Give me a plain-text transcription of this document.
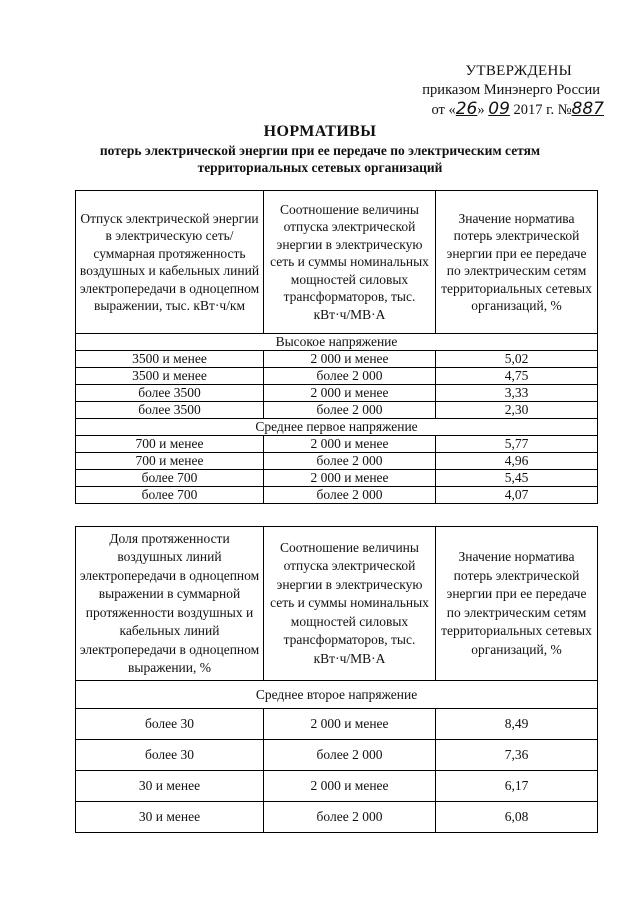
УТВЕРЖДЕНЫ
приказом Минэнерго России
от «26» 09 2017 г. №887
НОРМАТИВЫ
потерь электрической энергии при ее передаче по электрическим сетям
территориальных сетевых организаций
Отпуск электрической энергии в электрическую сеть/суммарная протяженность воздушных и кабельных линий электропередачи в одноцепном выражении, тыс. кВт·ч/км	Соотношение величины отпуска электрической энергии в электрическую сеть и суммы номинальных мощностей силовых трансформаторов, тыс. кВт·ч/МВ·А	Значение норматива потерь электрической энергии при ее передаче по электрическим сетям территориальных сетевых организаций, %
Высокое напряжение		
3500 и менее	2 000 и менее	5,02
3500 и менее	более 2 000	4,75
более 3500	2 000 и менее	3,33
более 3500	более 2 000	2,30
Среднее первое напряжение		
700 и менее	2 000 и менее	5,77
700 и менее	более 2 000	4,96
более 700	2 000 и менее	5,45
более 700	более 2 000	4,07
Доля протяженности воздушных линий электропередачи в одноцепном выражении в суммарной протяженности воздушных и кабельных линий электропередачи в одноцепном выражении, %	Соотношение величины отпуска электрической энергии в электрическую сеть и суммы номинальных мощностей силовых трансформаторов, тыс. кВт·ч/МВ·А	Значение норматива потерь электрической энергии при ее передаче по электрическим сетям территориальных сетевых организаций, %
Среднее второе напряжение		
более 30	2 000 и менее	8,49
более 30	более 2 000	7,36
30 и менее	2 000 и менее	6,17
30 и менее	более 2 000	6,08
